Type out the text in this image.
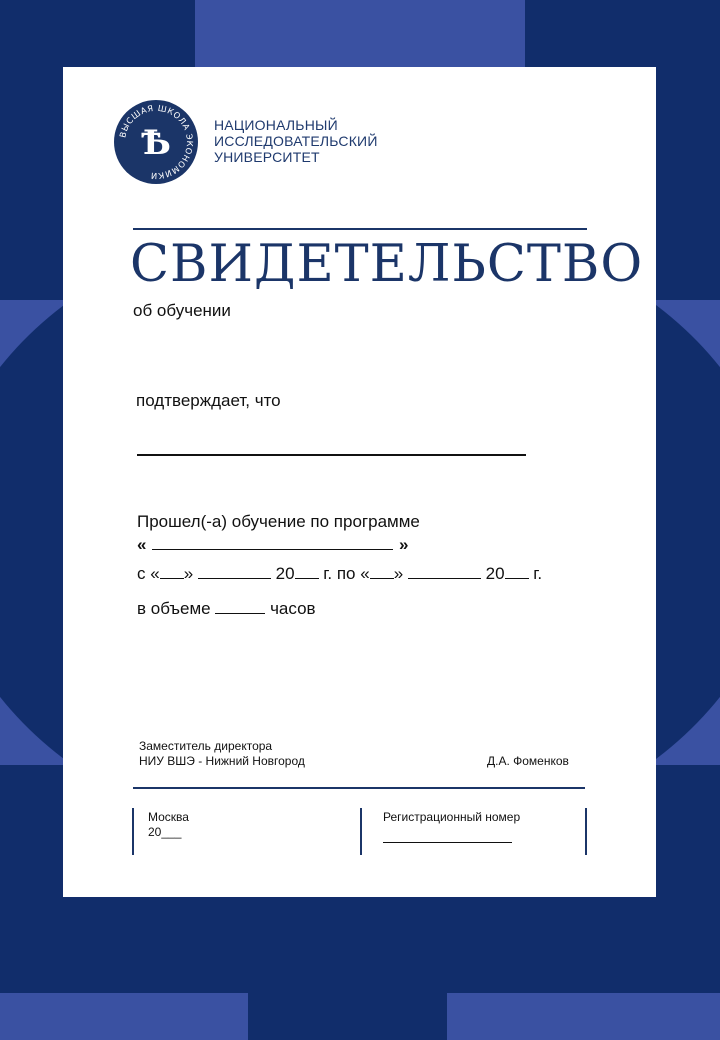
ВЫСШАЯ ШКОЛА ЭКОНОМИКИ
Ѣ	НАЦИОНАЛЬНЫЙ
ИССЛЕДОВАТЕЛЬСКИЙ
УНИВЕРСИТЕТ
СВИДЕТЕЛЬСТВО
об обучении
подтверждает, что
Прошел(-а) обучение по программе
«	»
с « »	20 г. по « »	20 г.
в объеме	часов
Заместитель директора
НИУ ВШЭ - Нижний Новгород	Д.А. Фоменков
Москва
20___
Регистрационный номер
